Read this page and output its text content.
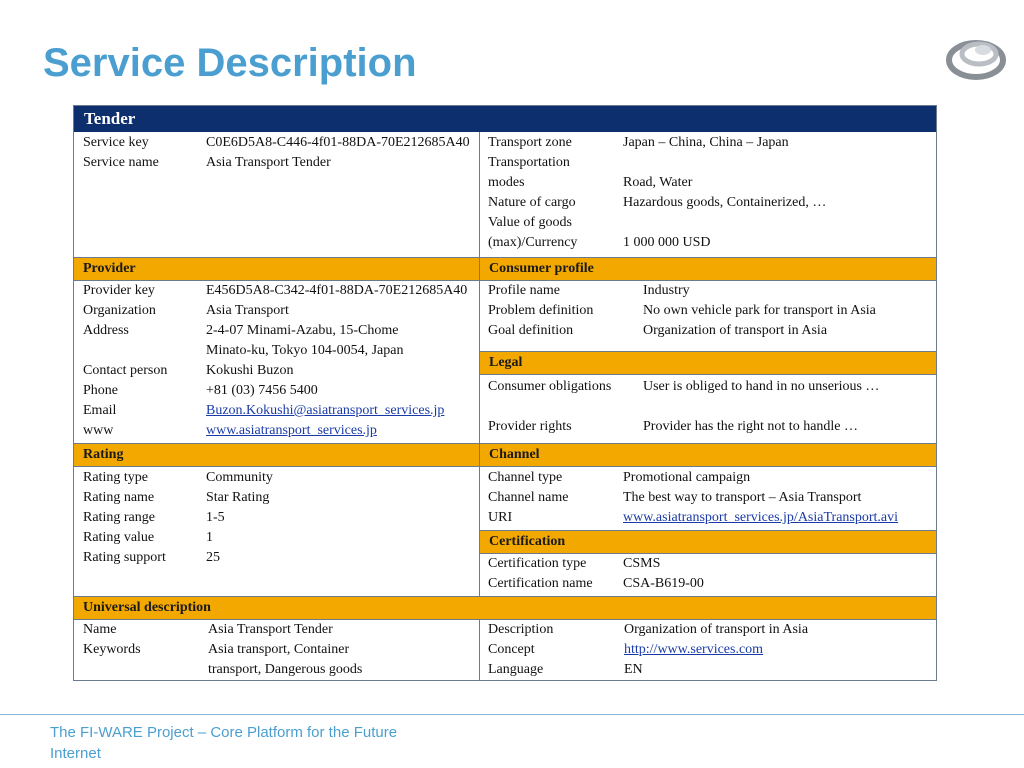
Service Description
Tender
Service key	C0E6D5A8-C446-4f01-88DA-70E212685A40
Service name	Asia Transport Tender
Transport zone	Japan – China, China – Japan
Transportation
modes	Road, Water
Nature of cargo	Hazardous goods, Containerized, …
Value of goods
(max)/Currency	1 000 000 USD
Provider	Consumer profile
Provider key	E456D5A8-C342-4f01-88DA-70E212685A40
Organization	Asia Transport
Address	2-4-07 Minami-Azabu, 15-Chome
Minato-ku, Tokyo 104-0054, Japan
Contact person	Kokushi Buzon
Phone	+81 (03) 7456 5400
Email	Buzon.Kokushi@asiatransport_services.jp
www	www.asiatransport_services.jp
Profile name	Industry
Problem definition	No own vehicle park for transport in Asia
Goal definition	Organization of transport in Asia
Legal
Consumer obligations User is obliged to hand in no unserious …
Provider rights	Provider has the right not to handle …
Rating	Channel
Rating type	Community
Rating name	Star Rating
Rating range	1-5
Rating value	1
Rating support	25
Channel type	Promotional campaign
Channel name	The best way to transport – Asia Transport
URI	www.asiatransport_services.jp/AsiaTransport.avi
Certification
Certification type	CSMS
Certification name CSA-B619-00
Universal description
Name	Asia Transport Tender
Keywords	Asia transport, Container
transport, Dangerous goods
Description	Organization of transport in Asia
Concept	http://www.services.com
Language	EN
The FI-WARE Project – Core Platform for the Future Internet
